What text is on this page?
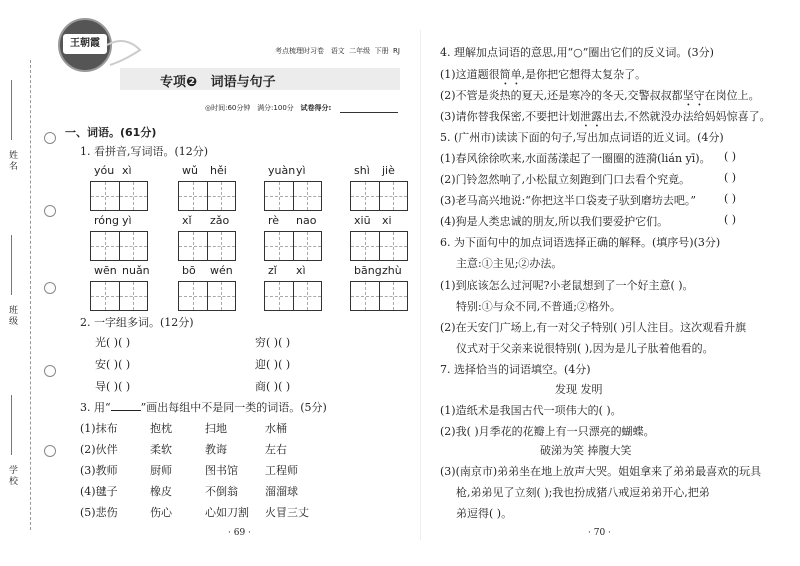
姓名
班级
学校
王朝霞
考点梳理时习卷 语文 二年级 下册 RJ
专项❷ 词语与句子
◎时间:60分钟 满分:100分 试卷得分:
一、词语。(61分)
1. 看拼音,写词语。(12分)
yóu xì	wǔ hěi	yuàn yì	shì jiè
róng yì	xǐ zǎo	rè nao	xiū xi
wēn nuǎn	bō wén	zǐ xì	bāng zhù
2. 一字组多词。(12分)
光( )( )	穷( )( )
安( )( )	迎( )( )
导( )( )	商( )( )
3. 用“	”画出每组中不是同一类的词语。(5分)
(1)抹布	抱枕	扫地	水桶
(2)伙伴	柔软	教诲	左右
(3)教师	厨师	图书馆 工程师
(4)毽子	橡皮	不倒翁 溜溜球
(5)悲伤	伤心	心如刀割 火冒三丈
· 69 ·
4. 理解加点词语的意思,用“○”圈出它们的反义词。(3分)
(1)这道题很简单,是你把它想得太复杂了。
(2)不管是炎热的夏天,还是寒冷的冬天,交警叔叔都坚守在岗位上。
(3)请你替我保密,不要把计划泄露出去,不然就没办法给妈妈惊喜了。
5. (广州市)读读下面的句子,写出加点词语的近义词。(4分)
(1)春风徐徐吹来,水面荡漾起了一圈圈的涟漪(lián yī)。 ( )
(2)门铃忽然响了,小松鼠立刻跑到门口去看个究竟。	( )
(3)老马高兴地说:“你把这半口袋麦子驮到磨坊去吧。”	( )
(4)狗是人类忠诚的朋友,所以我们要爱护它们。	( )
6. 为下面句中的加点词语选择正确的解释。(填序号)(3分)
主意:①主见;②办法。
(1)到底该怎么过河呢?小老鼠想到了一个好主意( )。
特别:①与众不同,不普通;②格外。
(2)在天安门广场上,有一对父子特别( )引人注目。这次观看升旗
仪式对于父亲来说很特别( ),因为是儿子肽着他看的。
7. 选择恰当的词语填空。(4分)
发现 发明
(1)造纸术是我国古代一项伟大的( )。
(2)我( )月季花的花瓣上有一只漂亮的蝴蝶。
破涕为笑 捧腹大笑
(3)(南京市)弟弟坐在地上放声大哭。姐姐拿来了弟弟最喜欢的玩具
枪,弟弟见了立刻( );我也扮成猪八戒逗弟弟开心,把弟
弟逗得( )。
· 70 ·
